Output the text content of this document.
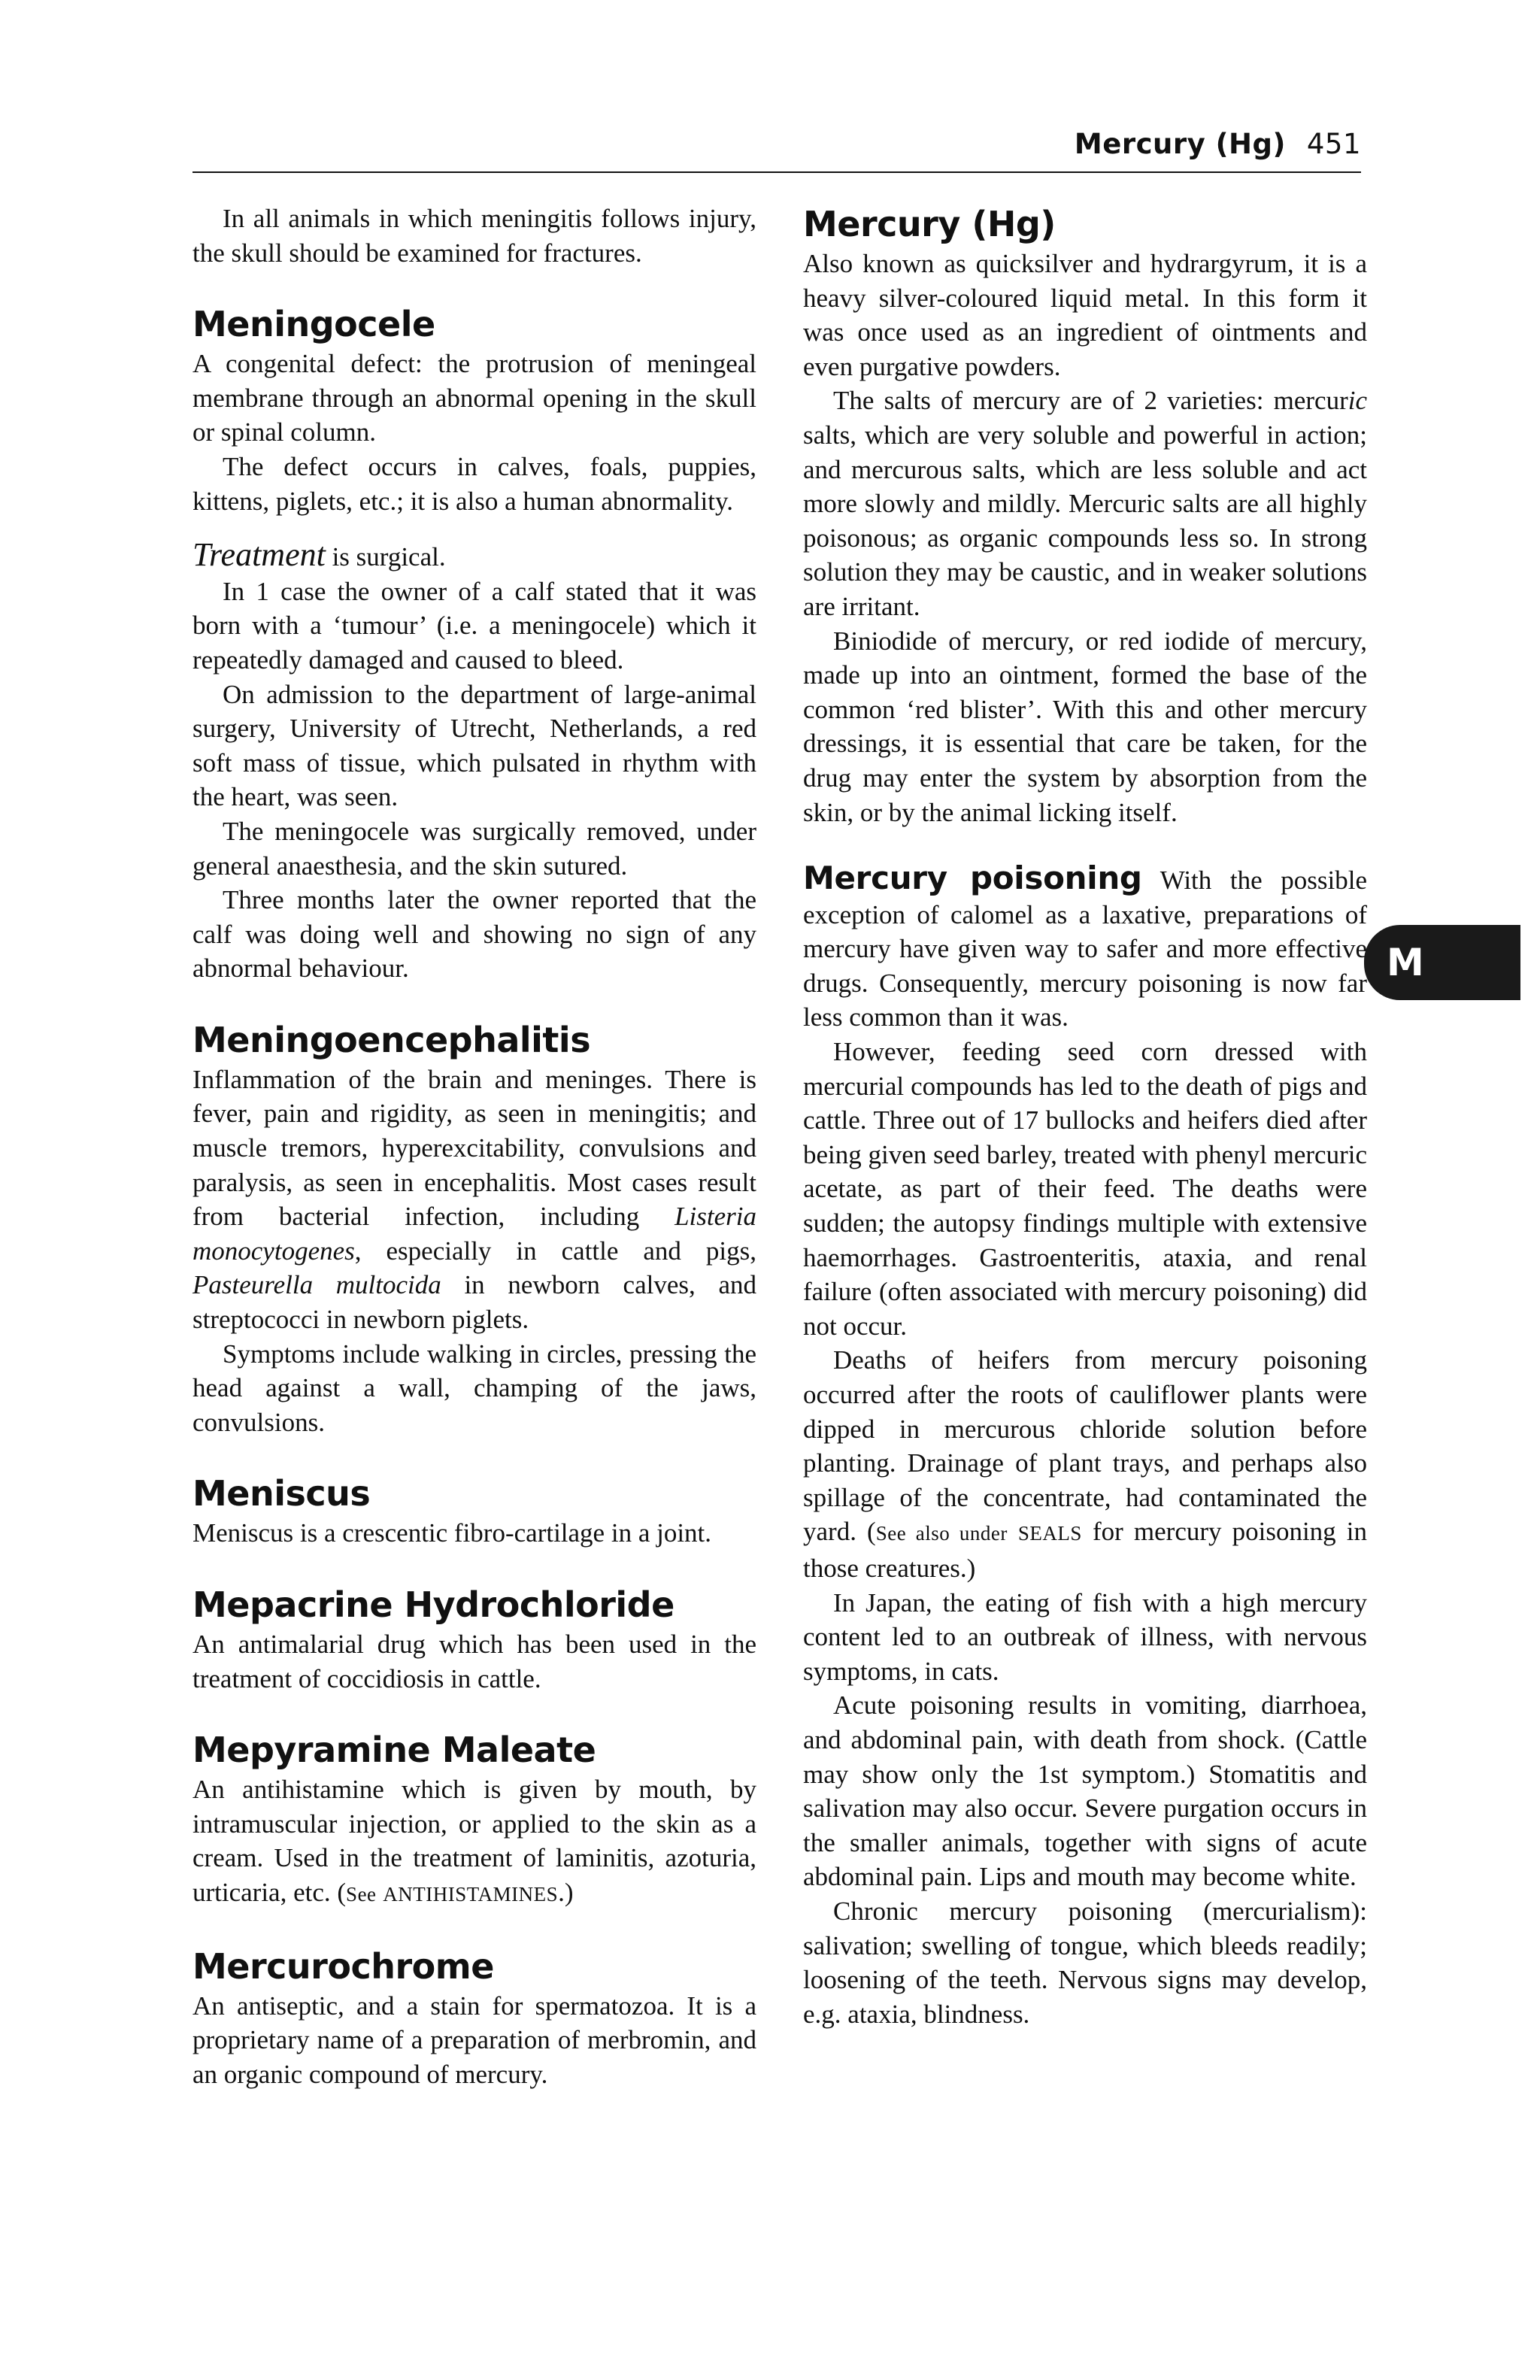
Mercury (Hg) 451
M

In all animals in which meningitis follows injury, the skull should be examined for fractures.

Meningocele

A congenital defect: the protrusion of meningeal membrane through an abnormal opening in the skull or spinal column.

The defect occurs in calves, foals, puppies, kittens, piglets, etc.; it is also a human abnormality.

Treatment is surgical.

In 1 case the owner of a calf stated that it was born with a ‘tumour’ (i.e. a meningocele) which it repeatedly damaged and caused to bleed.

On admission to the department of large-animal surgery, University of Utrecht, Netherlands, a red soft mass of tissue, which pulsated in rhythm with the heart, was seen.

The meningocele was surgically removed, under general anaesthesia, and the skin sutured.

Three months later the owner reported that the calf was doing well and showing no sign of any abnormal behaviour.

Meningoencephalitis

Inflammation of the brain and meninges. There is fever, pain and rigidity, as seen in meningitis; and muscle tremors, hyperexcitability, convulsions and paralysis, as seen in encephalitis. Most cases result from bacterial infection, including Listeria monocytogenes, especially in cattle and pigs, Pasteurella multocida in newborn calves, and streptococci in newborn piglets.

Symptoms include walking in circles, pressing the head against a wall, champing of the jaws, convulsions.

Meniscus

Meniscus is a crescentic fibro-cartilage in a joint.

Mepacrine Hydrochloride

An antimalarial drug which has been used in the treatment of coccidiosis in cattle.

Mepyramine Maleate

An antihistamine which is given by mouth, by intramuscular injection, or applied to the skin as a cream. Used in the treatment of laminitis, azoturia, urticaria, etc. (See ANTIHISTAMINES.)

Mercurochrome

An antiseptic, and a stain for spermatozoa. It is a proprietary name of a preparation of merbromin, and an organic compound of mercury.

Mercury (Hg)

Also known as quicksilver and hydrargyrum, it is a heavy silver-coloured liquid metal. In this form it was once used as an ingredient of ointments and even purgative powders.

The salts of mercury are of 2 varieties: mercuric salts, which are very soluble and powerful in action; and mercurous salts, which are less soluble and act more slowly and mildly. Mercuric salts are all highly poisonous; as organic compounds less so. In strong solution they may be caustic, and in weaker solutions are irritant.

Biniodide of mercury, or red iodide of mercury, made up into an ointment, formed the base of the common ‘red blister’. With this and other mercury dressings, it is essential that care be taken, for the drug may enter the system by absorption from the skin, or by the animal licking itself.

Mercury poisoning With the possible exception of calomel as a laxative, preparations of mercury have given way to safer and more effective drugs. Consequently, mercury poisoning is now far less common than it was.

However, feeding seed corn dressed with mercurial compounds has led to the death of pigs and cattle. Three out of 17 bullocks and heifers died after being given seed barley, treated with phenyl mercuric acetate, as part of their feed. The deaths were sudden; the autopsy findings multiple with extensive haemorrhages. Gastroenteritis, ataxia, and renal failure (often associated with mercury poisoning) did not occur.

Deaths of heifers from mercury poisoning occurred after the roots of cauliflower plants were dipped in mercurous chloride solution before planting. Drainage of plant trays, and perhaps also spillage of the concentrate, had contaminated the yard. (See also under SEALS for mercury poisoning in those creatures.)

In Japan, the eating of fish with a high mercury content led to an outbreak of illness, with nervous symptoms, in cats.

Acute poisoning results in vomiting, diarrhoea, and abdominal pain, with death from shock. (Cattle may show only the 1st symptom.) Stomatitis and salivation may also occur. Severe purgation occurs in the smaller animals, together with signs of acute abdominal pain. Lips and mouth may become white.

Chronic mercury poisoning (mercurialism): salivation; swelling of tongue, which bleeds readily; loosening of the teeth. Nervous signs may develop, e.g. ataxia, blindness.
